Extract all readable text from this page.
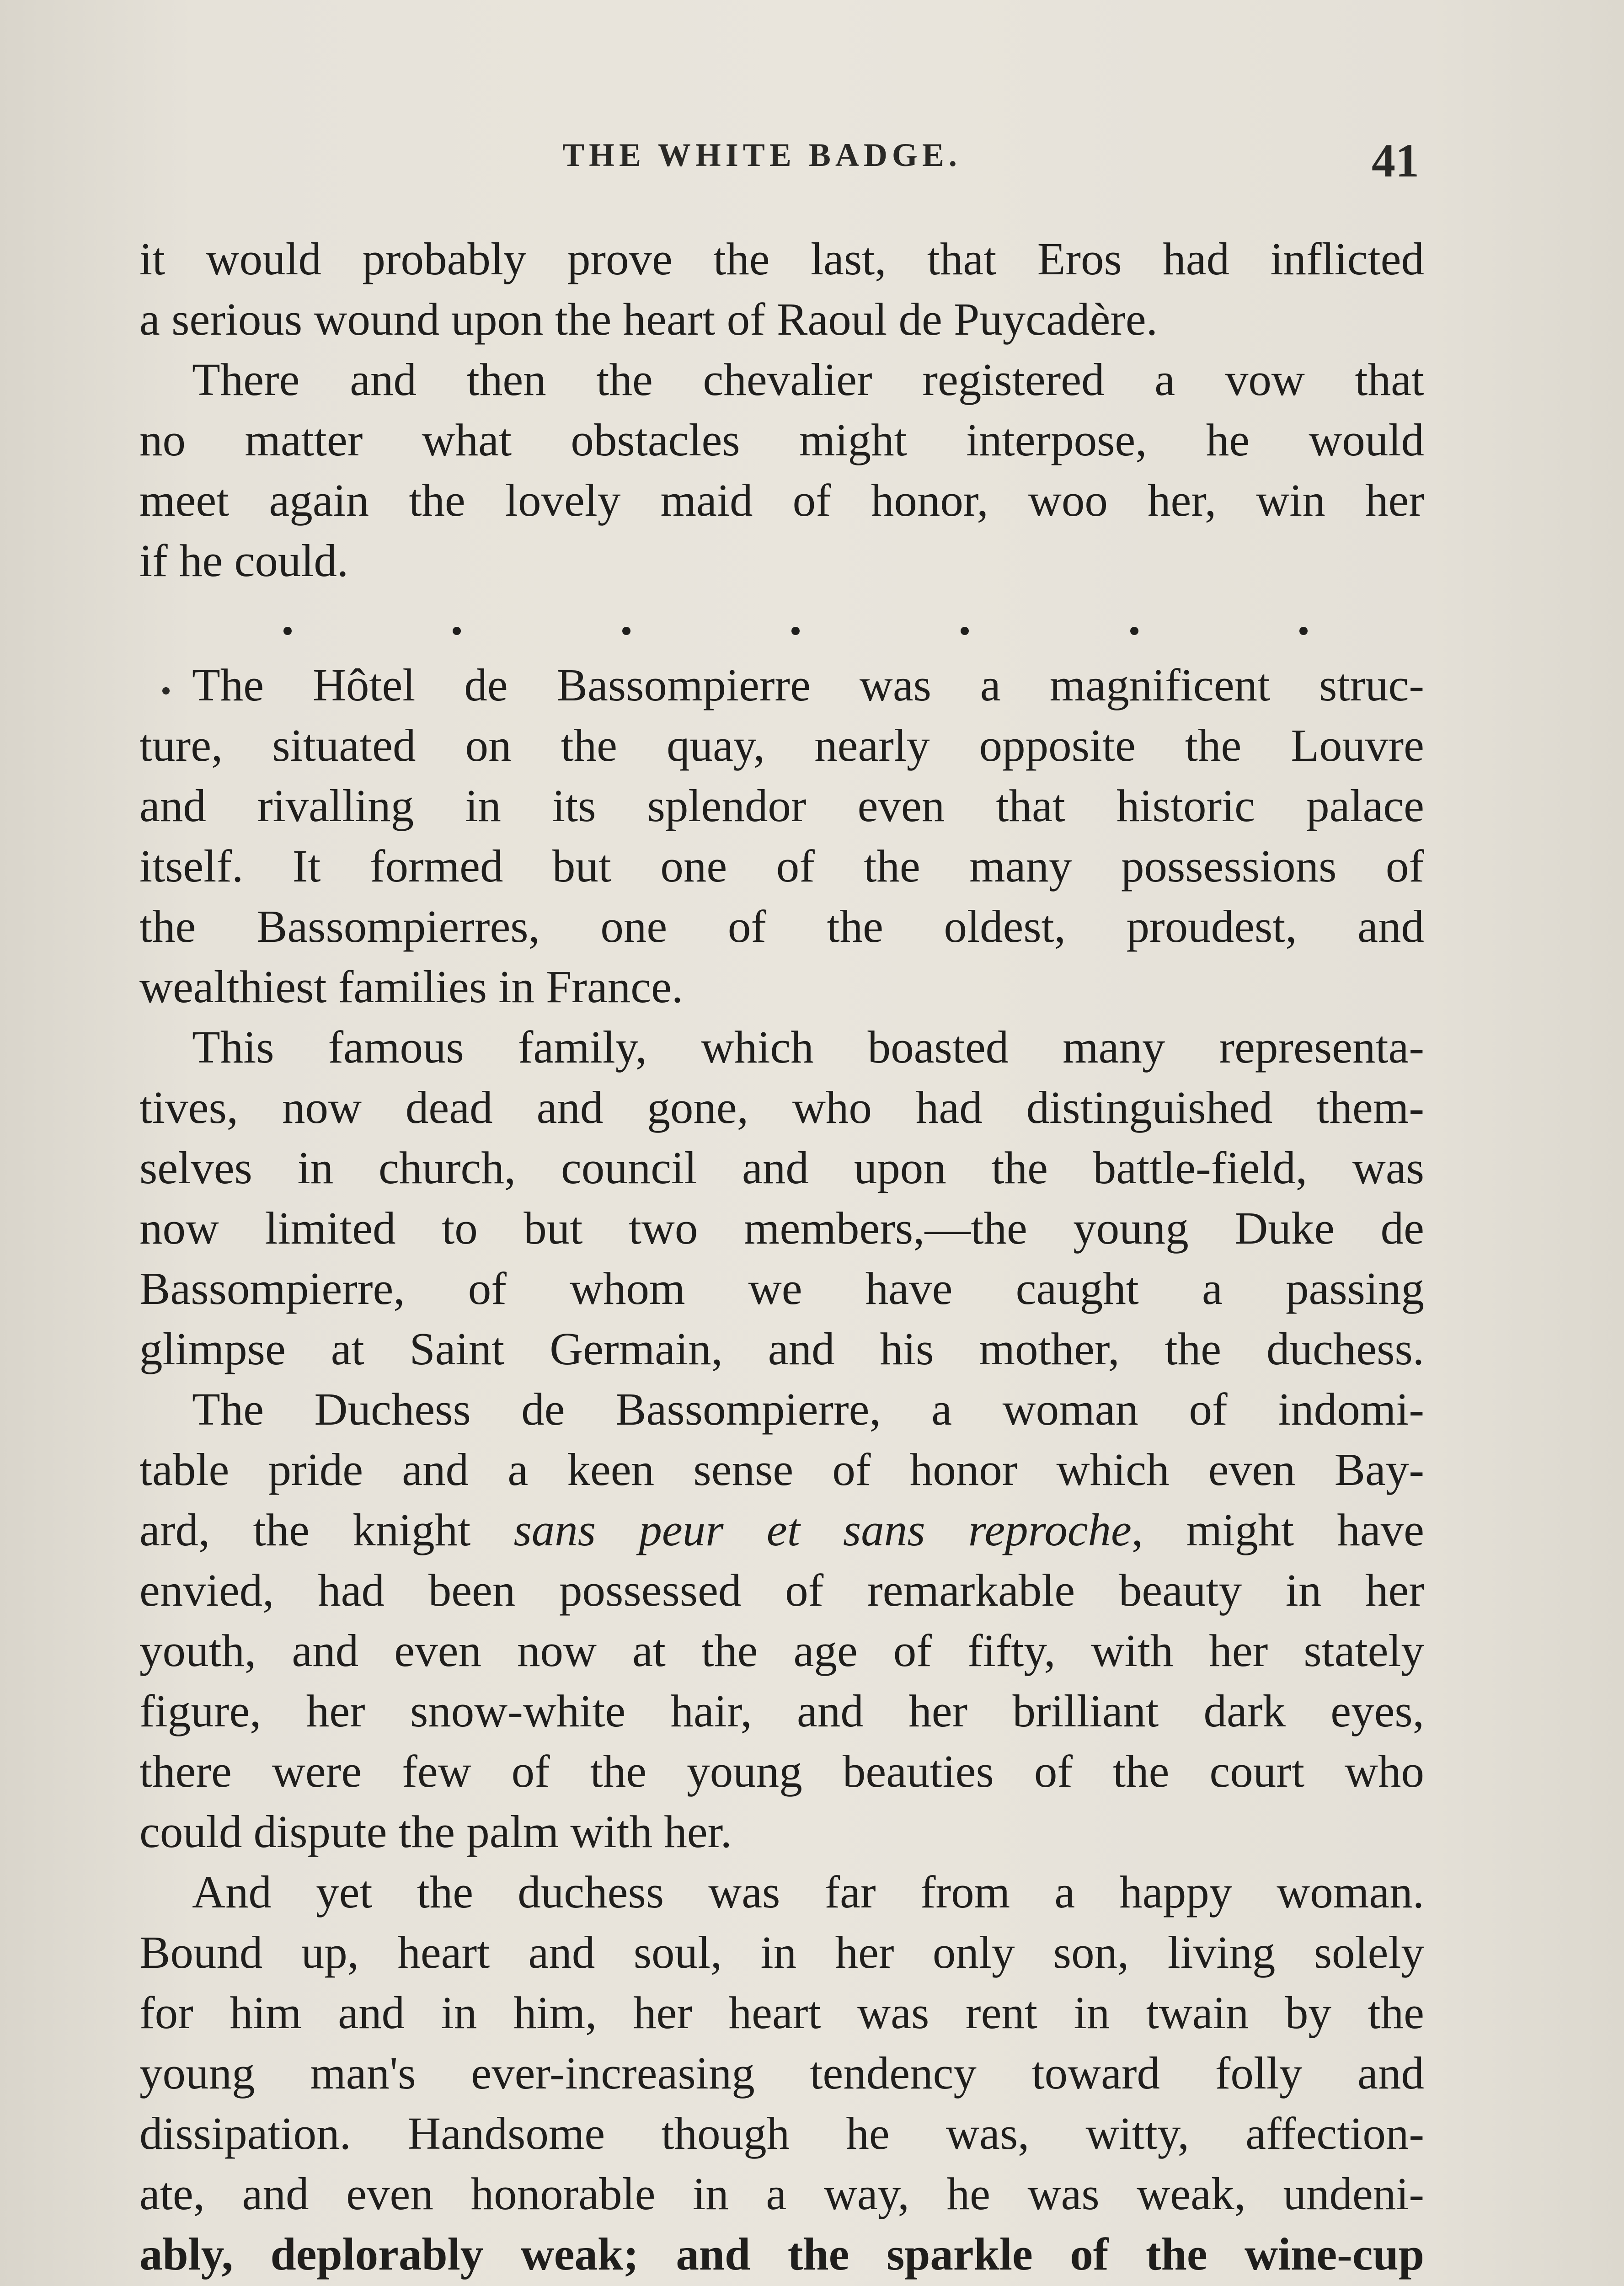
THE WHITE BADGE.	41
it would probably prove the last, that Eros had inflicted
a serious wound upon the heart of Raoul de Puycadère.
There and then the chevalier registered a vow that
no matter what obstacles might interpose, he would
meet again the lovely maid of honor, woo her, win her
if he could.
The Hôtel de Bassompierre was a magnificent struc-
ture, situated on the quay, nearly opposite the Louvre
and rivalling in its splendor even that historic palace
itself. It formed but one of the many possessions of
the Bassompierres, one of the oldest, proudest, and
wealthiest families in France.
This famous family, which boasted many representa-
tives, now dead and gone, who had distinguished them-
selves in church, council and upon the battle-field, was
now limited to but two members,—the young Duke de
Bassompierre, of whom we have caught a passing
glimpse at Saint Germain, and his mother, the duchess.
The Duchess de Bassompierre, a woman of indomi-
table pride and a keen sense of honor which even Bay-
ard, the knight sans peur et sans reproche, might have
envied, had been possessed of remarkable beauty in her
youth, and even now at the age of fifty, with her stately
figure, her snow-white hair, and her brilliant dark eyes,
there were few of the young beauties of the court who
could dispute the palm with her.
And yet the duchess was far from a happy woman.
Bound up, heart and soul, in her only son, living solely
for him and in him, her heart was rent in twain by the
young man's ever-increasing tendency toward folly and
dissipation. Handsome though he was, witty, affection-
ate, and even honorable in a way, he was weak, undeni-
ably, deplorably weak; and the sparkle of the wine-cup
